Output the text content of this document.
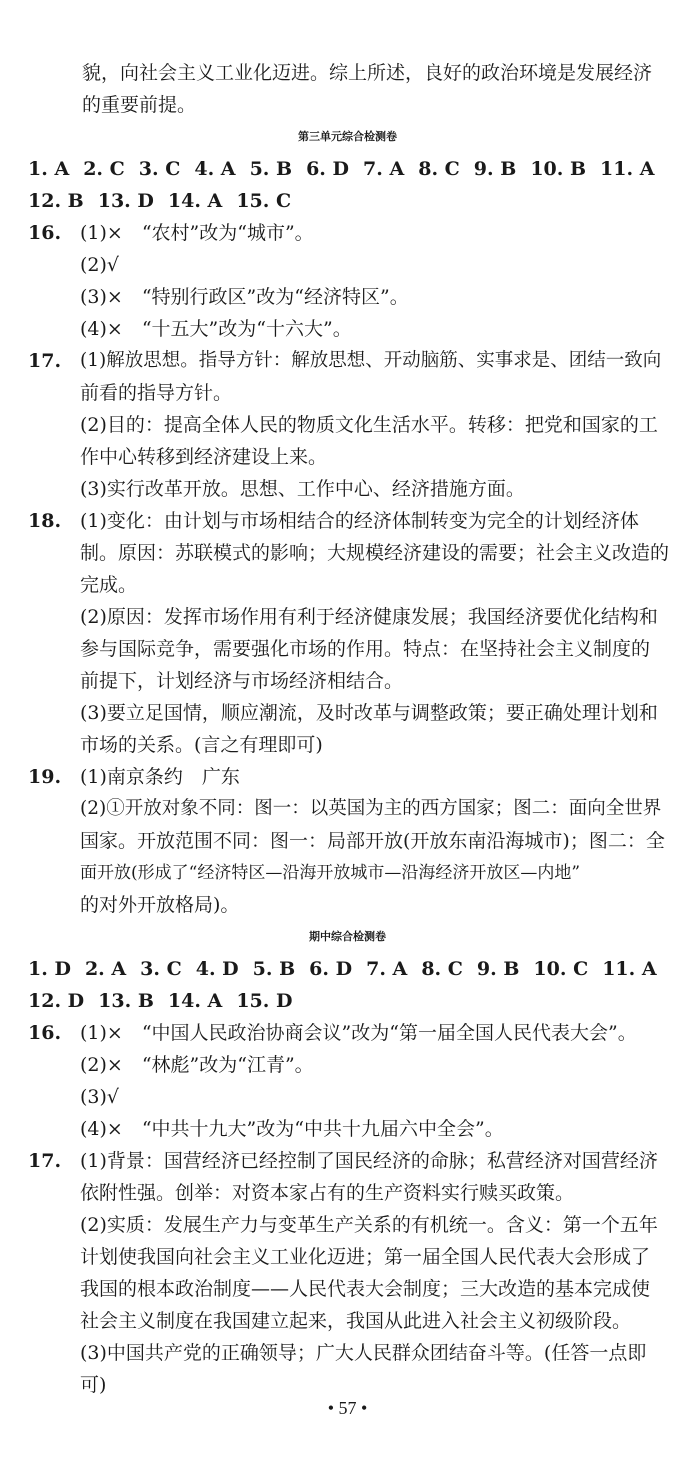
貌，向社会主义工业化迈进。综上所述，良好的政治环境是发展经济
的重要前提。
第三单元综合检测卷
1. A 2. C 3. C 4. A 5. B 6. D 7. A 8. C 9. B 10. B 11. A
12. B 13. D 14. A 15. C
16. (1)×　“农村”改为“城市”。
(2)√
(3)×　“特别行政区”改为“经济特区”。
(4)×　“十五大”改为“十六大”。
17. (1)解放思想。指导方针：解放思想、开动脑筋、实事求是、团结一致向
前看的指导方针。
(2)目的：提高全体人民的物质文化生活水平。转移：把党和国家的工
作中心转移到经济建设上来。
(3)实行改革开放。思想、工作中心、经济措施方面。
18. (1)变化：由计划与市场相结合的经济体制转变为完全的计划经济体
制。原因：苏联模式的影响；大规模经济建设的需要；社会主义改造的
完成。
(2)原因：发挥市场作用有利于经济健康发展；我国经济要优化结构和
参与国际竞争，需要强化市场的作用。特点：在坚持社会主义制度的
前提下，计划经济与市场经济相结合。
(3)要立足国情，顺应潮流，及时改革与调整政策；要正确处理计划和
市场的关系。(言之有理即可)
19. (1)南京条约　广东
(2)①开放对象不同：图一：以英国为主的西方国家；图二：面向全世界
国家。开放范围不同：图一：局部开放(开放东南沿海城市)；图二：全
面开放(形成了“经济特区—沿海开放城市—沿海经济开放区—内地”
的对外开放格局)。
期中综合检测卷
1. D 2. A 3. C 4. D 5. B 6. D 7. A 8. C 9. B 10. C 11. A
12. D 13. B 14. A 15. D
16. (1)×　“中国人民政治协商会议”改为“第一届全国人民代表大会”。
(2)×　“林彪”改为“江青”。
(3)√
(4)×　“中共十九大”改为“中共十九届六中全会”。
17. (1)背景：国营经济已经控制了国民经济的命脉；私营经济对国营经济
依附性强。创举：对资本家占有的生产资料实行赎买政策。
(2)实质：发展生产力与变革生产关系的有机统一。含义：第一个五年
计划使我国向社会主义工业化迈进；第一届全国人民代表大会形成了
我国的根本政治制度——人民代表大会制度；三大改造的基本完成使
社会主义制度在我国建立起来，我国从此进入社会主义初级阶段。
(3)中国共产党的正确领导；广大人民群众团结奋斗等。(任答一点即
可)
• 57 •
